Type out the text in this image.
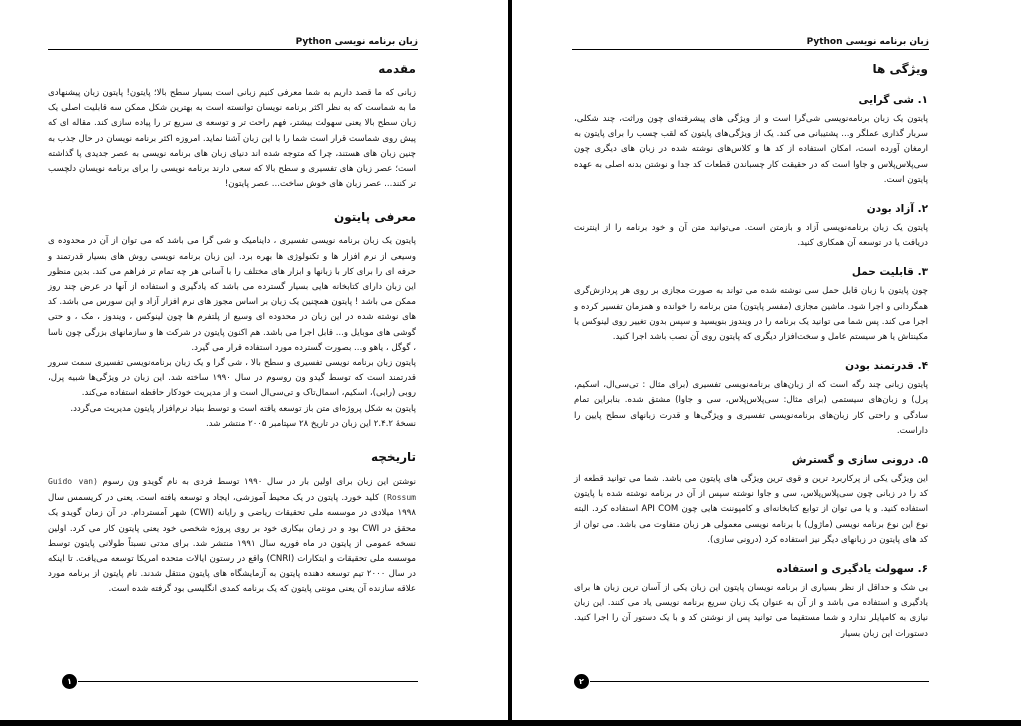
زبان برنامه نویسی Python
مقدمه

زبانی که ما قصد داریم به شما معرفی کنیم زبانی است بسیار سطح بالا؛ پایتون! پایتون زبان پیشنهادی ما به شماست که به نظر اکثر برنامه نویسان توانسته است به بهترین شکل ممکن سه قابلیت اصلی یک زبان سطح بالا یعنی سهولت بیشتر، فهم راحت تر و توسعه ی سریع تر را پیاده سازی کند. مقاله ای که پیش روی شماست قرار است شما را با این زبان آشنا نماید. امروزه اکثر برنامه نویسان در حال جذب به چنین زبان های هستند، چرا که متوجه شده اند دنیای زبان های برنامه نویسی به عصر جدیدی پا گذاشته است؛ عصر زبان های تفسیری و سطح بالا که سعی دارند برنامه نویسی را برای برنامه نویسان دلچسب تر کنند... عصر زبان های خوش ساخت... عصر پایتون!

معرفی پایتون

پایتون یک زبان برنامه نویسی تفسیری ، داینامیک و شی گرا می باشد که می توان از آن در محدوده ی وسیعی از نرم افزار ها و تکنولوژی ها بهره برد. این زبان برنامه نویسی روش های بسیار قدرتمند و حرفه ای را برای کار با زبانها و ابزار های مختلف را با آسانی هر چه تمام تر فراهم می کند. بدین منظور این زبان دارای کتابخانه هایی بسیار گسترده می باشد که یادگیری و استفاده از آنها در عرض چند روز ممکن می باشد ! پایتون همچنین یک زبان بر اساس مجوز های نرم افزار آزاد و اپن سورس می باشد. کد های نوشته شده در این زبان در محدوده ای وسیع از پلتفرم ها چون لینوکس ، ویندوز ، مک ، و حتی گوشی های موبایل و... قابل اجرا می باشد. هم اکنون پایتون در شرکت ها و سازمانهای بزرگی چون ناسا ، گوگل ، یاهو و... بصورت گسترده مورد استفاده قرار می گیرد.

پایتون زبان برنامه نویسی تفسیری و سطح بالا ، شی گرا و یک زبان برنامه‌نویسی تفسیری سمت سرور قدرتمند است که توسط گیدو ون روسوم در سال ۱۹۹۰ ساخته شد. این زبان در ویژگی‌ها شبیه پرل، روبی (رابی)، اسکیم، اسمال‌تاک و تی‌سی‌ال است و از مدیریت خودکار حافظه استفاده می‌کند.

پایتون به شکل پروژه‌ای متن باز توسعه یافته است و توسط بنیاد نرم‌افزار پایتون مدیریت می‌گردد.

نسخهٔ ۲.۴.۲ این زبان در تاریخ ۲۸ سپتامبر ۲۰۰۵ منتشر شد.

تاریخچه

نوشتن این زبان برای اولین بار در سال ۱۹۹۰ توسط فردی به نام گویدو ون رسوم (Guido van Rossum) کلید خورد. پایتون در یک محیط آموزشی، ایجاد و توسعه یافته است. یعنی در کریسمس سال ۱۹۹۸ میلادی در موسسه ملی تحقیقات ریاضی و رایانه (CWI) شهر آمستردام. در آن زمان گویدو یک محقق در CWI بود و در زمان بیکاری خود بر روی پروژه شخصی خود یعنی پایتون کار می کرد. اولین نسخه عمومی از پایتون در ماه فوریه سال ۱۹۹۱ منتشر شد. برای مدتی نسبتاً طولانی پایتون توسط موسسه ملی تحقیقات و ابتکارات (CNRI) واقع در رستون ایالات متحده امریکا توسعه می‌یافت. تا اینکه در سال ۲۰۰۰ تیم توسعه دهنده پایتون به آزمایشگاه های پایتون منتقل شدند. نام پایتون از برنامه مورد علاقه سازنده آن یعنی مونتی پایتون که یک برنامه کمدی انگلیسی بود گرفته شده است.

۱
زبان برنامه نویسی Python
ویژگی ها
۱. شی گرایی

پایتون یک زبان برنامه‌نویسی شی‌گرا است و از ویژگی های پیشرفته‌ای چون وراثت، چند شکلی، سربار گذاری عملگر و... پشتیبانی می کند. یک از ویژگی‌های پایتون که لقب چسب را برای پایتون به ارمغان آورده است، امکان استفاده از کد ها و کلاس‌های نوشته شده در زبان های دیگری چون سی‌پلاس‌پلاس و جاوا است که در حقیقت کار چسباندن قطعات کد جدا و نوشتن بدنه اصلی به عهده پایتون است.

۲. آزاد بودن

پایتون یک زبان برنامه‌نویسی آزاد و بازمتن است. می‌توانید متن آن و خود برنامه را از اینترنت دریافت یا در توسعه آن همکاری کنید.

۳. قابلیت حمل

چون پایتون با زبان قابل حمل سی نوشته شده می تواند به صورت مجازی بر روی هر پردازش‌گری همگردانی و اجرا شود. ماشین مجازی (مفسر پایتون) متن برنامه را خوانده و همزمان تفسیر کرده و اجرا می کند. پس شما می توانید یک برنامه را در ویندوز بنویسید و سپس بدون تغییر روی لینوکس یا مکینتاش یا هر سیستم عامل و سخت‌افزار دیگری که پایتون روی آن نصب باشد اجرا کنید.

۴. قدرتمند بودن

پایتون زبانی چند رگه است که از زبان‌های برنامه‌نویسی تفسیری (برای مثال : تی‌سی‌ال، اسکیم، پرل) و زبان‌های سیستمی (برای مثال: سی‌پلاس‌پلاس، سی و جاوا) مشتق شده. بنابراین تمام سادگی و راحتی کار زبان‌های برنامه‌نویسی تفسیری و ویژگی‌ها و قدرت زبانهای سطح پایین را داراست.

۵. درونی سازی و گسترش

این ویژگی یکی از پرکاربرد ترین و قوی ترین ویژگی های پایتون می باشد. شما می توانید قطعه از کد را در زبانی چون سی‌پلاس‌پلاس، سی و جاوا نوشته سپس از آن در برنامه نوشته شده با پایتون استفاده کنید. و یا می توان از توابع کتابخانه‌ای و کامپوننت هایی چون API COM استفاده کرد. البته نوع این نوع برنامه نویسی (ماژول) با برنامه نویسی معمولی هر زبان متفاوت می باشد. می توان از کد های پایتون در زبانهای دیگر نیز استفاده کرد (درونی سازی).

۶. سهولت یادگیری و استفاده

بی شک و حداقل از نظر بسیاری از برنامه نویسان پایتون این زبان یکی از آسان ترین زبان ها برای یادگیری و استفاده می باشد و از آن به عنوان یک زبان سریع برنامه نویسی یاد می کنند. این زبان نیازی به کامپایلر ندارد و شما مستقیما می توانید پس از نوشتن کد و با یک دستور آن را اجرا کنید. دستورات این زبان بسیار

۲
